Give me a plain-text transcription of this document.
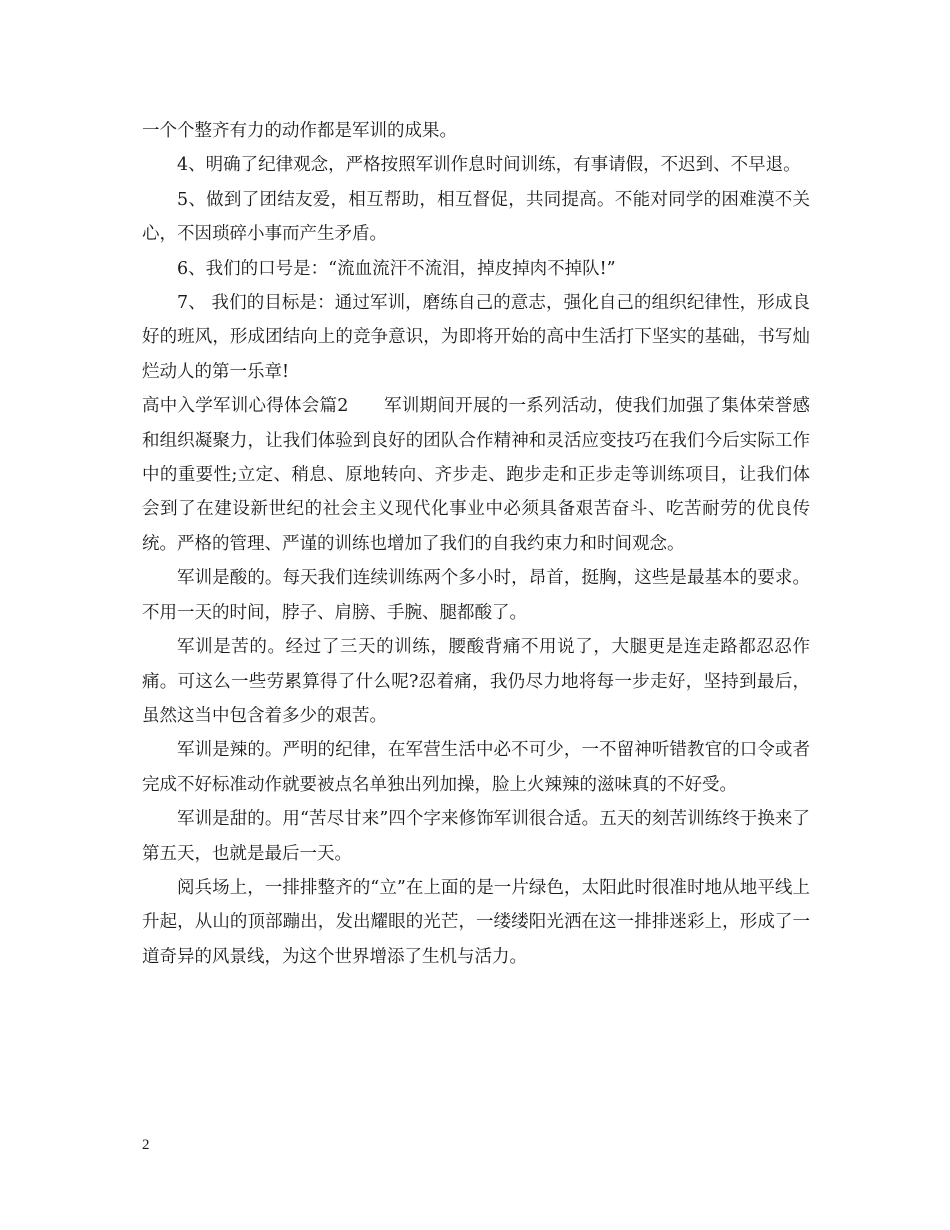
一个个整齐有力的动作都是军训的成果。

4、明确了纪律观念，严格按照军训作息时间训练，有事请假，不迟到、不早退。

5、做到了团结友爱，相互帮助，相互督促，共同提高。不能对同学的困难漠不关心，不因琐碎小事而产生矛盾。

6、我们的口号是：“流血流汗不流泪，掉皮掉肉不掉队!”

7、 我们的目标是：通过军训，磨练自己的意志，强化自己的组织纪律性，形成良好的班风，形成团结向上的竞争意识，为即将开始的高中生活打下坚实的基础，书写灿烂动人的第一乐章!

高中入学军训心得体会篇2　　军训期间开展的一系列活动，使我们加强了集体荣誉感和组织凝聚力，让我们体验到良好的团队合作精神和灵活应变技巧在我们今后实际工作中的重要性;立定、稍息、原地转向、齐步走、跑步走和正步走等训练项目，让我们体会到了在建设新世纪的社会主义现代化事业中必须具备艰苦奋斗、吃苦耐劳的优良传统。严格的管理、严谨的训练也增加了我们的自我约束力和时间观念。

军训是酸的。每天我们连续训练两个多小时，昂首，挺胸，这些是最基本的要求。不用一天的时间，脖子、肩膀、手腕、腿都酸了。

军训是苦的。经过了三天的训练，腰酸背痛不用说了，大腿更是连走路都忍忍作痛。可这么一些劳累算得了什么呢?忍着痛，我仍尽力地将每一步走好，坚持到最后，虽然这当中包含着多少的艰苦。

军训是辣的。严明的纪律，在军营生活中必不可少，一不留神听错教官的口令或者完成不好标准动作就要被点名单独出列加操，脸上火辣辣的滋味真的不好受。

军训是甜的。用“苦尽甘来”四个字来修饰军训很合适。五天的刻苦训练终于换来了第五天，也就是最后一天。

阅兵场上，一排排整齐的“立”在上面的是一片绿色，太阳此时很准时地从地平线上升起，从山的顶部蹦出，发出耀眼的光芒，一缕缕阳光洒在这一排排迷彩上，形成了一道奇异的风景线，为这个世界增添了生机与活力。

2
